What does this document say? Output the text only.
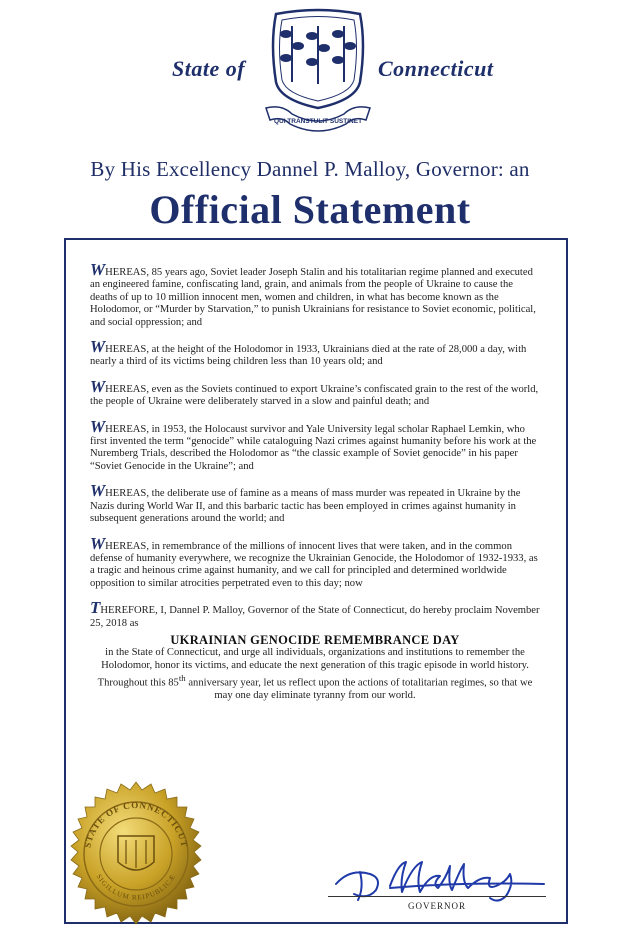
State of
QUI TRANSTULIT SUSTINET
Connecticut
By His Excellency Dannel P. Malloy, Governor: an
Official Statement

WHEREAS, 85 years ago, Soviet leader Joseph Stalin and his totalitarian regime planned and executed an engineered famine, confiscating land, grain, and animals from the people of Ukraine to cause the deaths of up to 10 million innocent men, women and children, in what has become known as the Holodomor, or “Murder by Starvation,” to punish Ukrainians for resistance to Soviet economic, political, and social oppression; and

WHEREAS, at the height of the Holodomor in 1933, Ukrainians died at the rate of 28,000 a day, with nearly a third of its victims being children less than 10 years old; and

WHEREAS, even as the Soviets continued to export Ukraine’s confiscated grain to the rest of the world, the people of Ukraine were deliberately starved in a slow and painful death; and

WHEREAS, in 1953, the Holocaust survivor and Yale University legal scholar Raphael Lemkin, who first invented the term “genocide” while cataloguing Nazi crimes against humanity before his work at the Nuremberg Trials, described the Holodomor as “the classic example of Soviet genocide” in his paper “Soviet Genocide in the Ukraine”; and

WHEREAS, the deliberate use of famine as a means of mass murder was repeated in Ukraine by the Nazis during World War II, and this barbaric tactic has been employed in crimes against humanity in subsequent generations around the world; and

WHEREAS, in remembrance of the millions of innocent lives that were taken, and in the common defense of humanity everywhere, we recognize the Ukrainian Genocide, the Holodomor of 1932-1933, as a tragic and heinous crime against humanity, and we call for principled and determined worldwide opposition to similar atrocities perpetrated even to this day; now

THEREFORE, I, Dannel P. Malloy, Governor of the State of Connecticut, do hereby proclaim November 25, 2018 as

UKRAINIAN GENOCIDE REMEMBRANCE DAY

in the State of Connecticut, and urge all individuals, organizations and institutions to remember the Holodomor, honor its victims, and educate the next generation of this tragic episode in world history. Throughout this 85th anniversary year, let us reflect upon the actions of totalitarian regimes, so that we may one day eliminate tyranny from our world.

STATE OF CONNECTICUT
SIGILLUM REIPUBLICÆ
GOVERNOR
